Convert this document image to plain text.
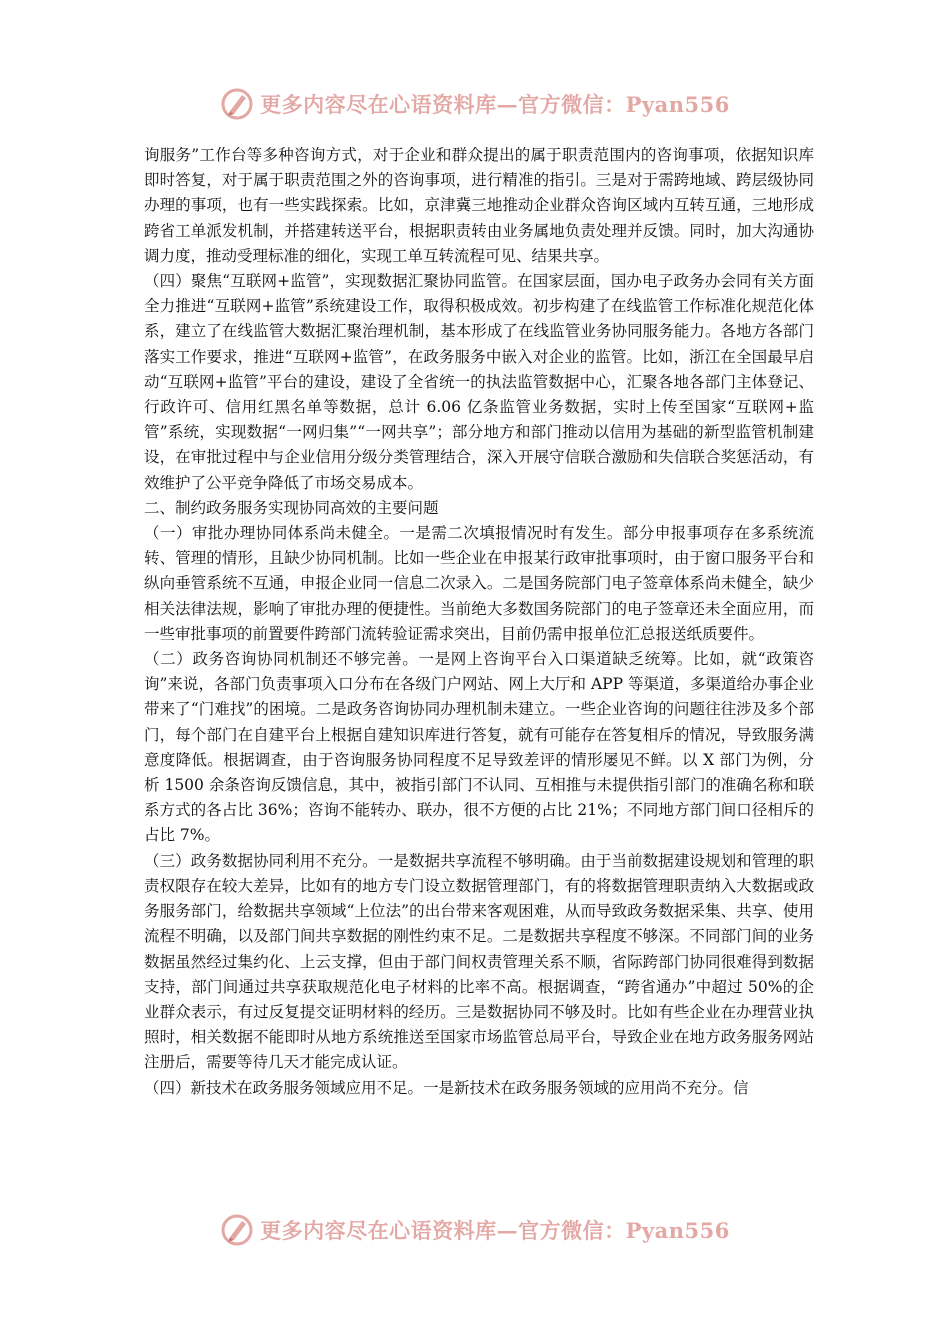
更多内容尽在心语资料库—官方微信：Pyan556

询服务”工作台等多种咨询方式，对于企业和群众提出的属于职责范围内的咨询事项，依据知识库即时答复，对于属于职责范围之外的咨询事项，进行精准的指引。三是对于需跨地域、跨层级协同办理的事项，也有一些实践探索。比如，京津冀三地推动企业群众咨询区域内互转互通，三地形成跨省工单派发机制，并搭建转送平台，根据职责转由业务属地负责处理并反馈。同时，加大沟通协调力度，推动受理标准的细化，实现工单互转流程可见、结果共享。

（四）聚焦“互联网+监管”，实现数据汇聚协同监管。在国家层面，国办电子政务办会同有关方面全力推进“互联网+监管”系统建设工作，取得积极成效。初步构建了在线监管工作标准化规范化体系，建立了在线监管大数据汇聚治理机制，基本形成了在线监管业务协同服务能力。各地方各部门落实工作要求，推进“互联网+监管”，在政务服务中嵌入对企业的监管。比如，浙江在全国最早启动“互联网+监管”平台的建设，建设了全省统一的执法监管数据中心，汇聚各地各部门主体登记、行政许可、信用红黑名单等数据，总计 6.06 亿条监管业务数据，实时上传至国家“互联网+监管”系统，实现数据“一网归集”“一网共享”；部分地方和部门推动以信用为基础的新型监管机制建设，在审批过程中与企业信用分级分类管理结合，深入开展守信联合激励和失信联合奖惩活动，有效维护了公平竞争降低了市场交易成本。

二、制约政务服务实现协同高效的主要问题

（一）审批办理协同体系尚未健全。一是需二次填报情况时有发生。部分申报事项存在多系统流转、管理的情形，且缺少协同机制。比如一些企业在申报某行政审批事项时，由于窗口服务平台和纵向垂管系统不互通，申报企业同一信息二次录入。二是国务院部门电子签章体系尚未健全，缺少相关法律法规，影响了审批办理的便捷性。当前绝大多数国务院部门的电子签章还未全面应用，而一些审批事项的前置要件跨部门流转验证需求突出，目前仍需申报单位汇总报送纸质要件。

（二）政务咨询协同机制还不够完善。一是网上咨询平台入口渠道缺乏统筹。比如，就“政策咨询”来说，各部门负责事项入口分布在各级门户网站、网上大厅和 APP 等渠道，多渠道给办事企业带来了“门难找”的困境。二是政务咨询协同办理机制未建立。一些企业咨询的问题往往涉及多个部门，每个部门在自建平台上根据自建知识库进行答复，就有可能存在答复相斥的情况，导致服务满意度降低。根据调查，由于咨询服务协同程度不足导致差评的情形屡见不鲜。以 X 部门为例，分析 1500 余条咨询反馈信息，其中，被指引部门不认同、互相推与未提供指引部门的准确名称和联系方式的各占比 36%；咨询不能转办、联办，很不方便的占比 21%；不同地方部门间口径相斥的占比 7%。

（三）政务数据协同利用不充分。一是数据共享流程不够明确。由于当前数据建设规划和管理的职责权限存在较大差异，比如有的地方专门设立数据管理部门，有的将数据管理职责纳入大数据或政务服务部门，给数据共享领域“上位法”的出台带来客观困难，从而导致政务数据采集、共享、使用流程不明确，以及部门间共享数据的刚性约束不足。二是数据共享程度不够深。不同部门间的业务数据虽然经过集约化、上云支撑，但由于部门间权责管理关系不顺，省际跨部门协同很难得到数据支持，部门间通过共享获取规范化电子材料的比率不高。根据调查，“跨省通办”中超过 50%的企业群众表示，有过反复提交证明材料的经历。三是数据协同不够及时。比如有些企业在办理营业执照时，相关数据不能即时从地方系统推送至国家市场监管总局平台，导致企业在地方政务服务网站注册后，需要等待几天才能完成认证。

（四）新技术在政务服务领域应用不足。一是新技术在政务服务领域的应用尚不充分。信

更多内容尽在心语资料库—官方微信：Pyan556
